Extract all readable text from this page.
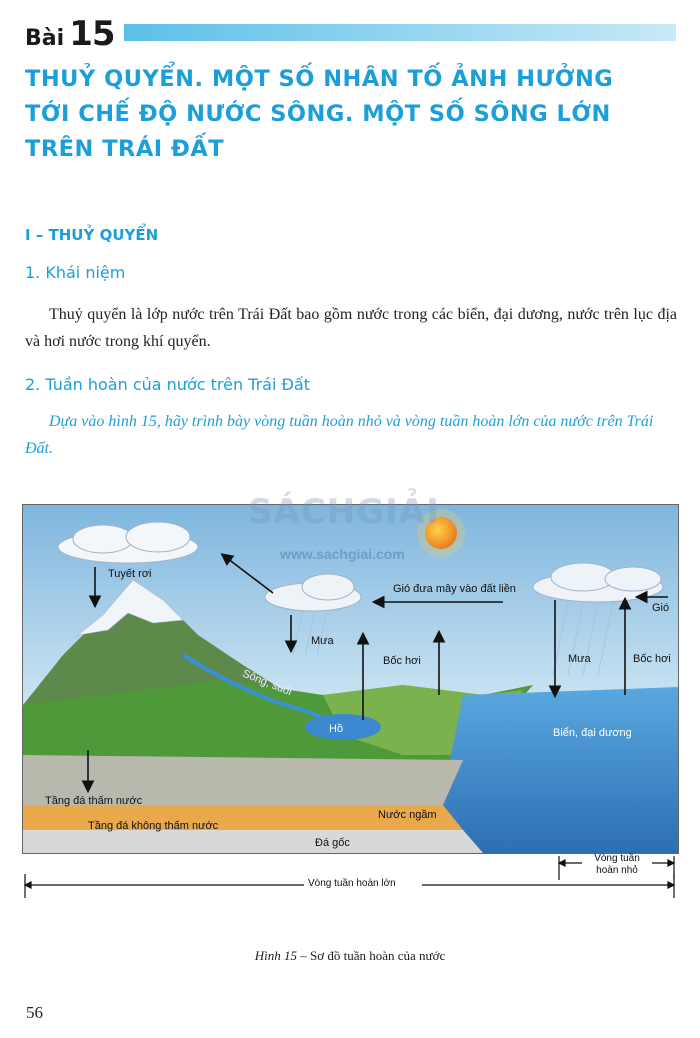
Bài 15
THUỶ QUYỂN. MỘT SỐ NHÂN TỐ ẢNH HƯỞNG
TỚI CHẾ ĐỘ NƯỚC SÔNG. MỘT SỐ SÔNG LỚN
TRÊN TRÁI ĐẤT
I – THUỶ QUYỂN
1. Khái niệm
Thuỷ quyển là lớp nước trên Trái Đất bao gồm nước trong các biển, đại dương, nước trên lục địa và hơi nước trong khí quyển.
2. Tuần hoàn của nước trên Trái Đất
Dựa vào hình 15, hãy trình bày vòng tuần hoàn nhỏ và vòng tuần hoàn lớn của nước trên Trái Đất.
Tuyết rơi
Gió đưa mây vào đất liền
Gió
Mưa
Bốc hơi	Mưa	Bốc hơi
Sông, suối
Hồ	Biển, đại dương
Tầng đá thấm nước
Nước ngầm
Tầng đá không thấm nước
Đá gốc
SÁCHGIẢI
www.sachgiai.com
Vòng tuần hoàn nhỏ
Vòng tuần hoàn lớn
Hình 15 – Sơ đồ tuần hoàn của nước
56
